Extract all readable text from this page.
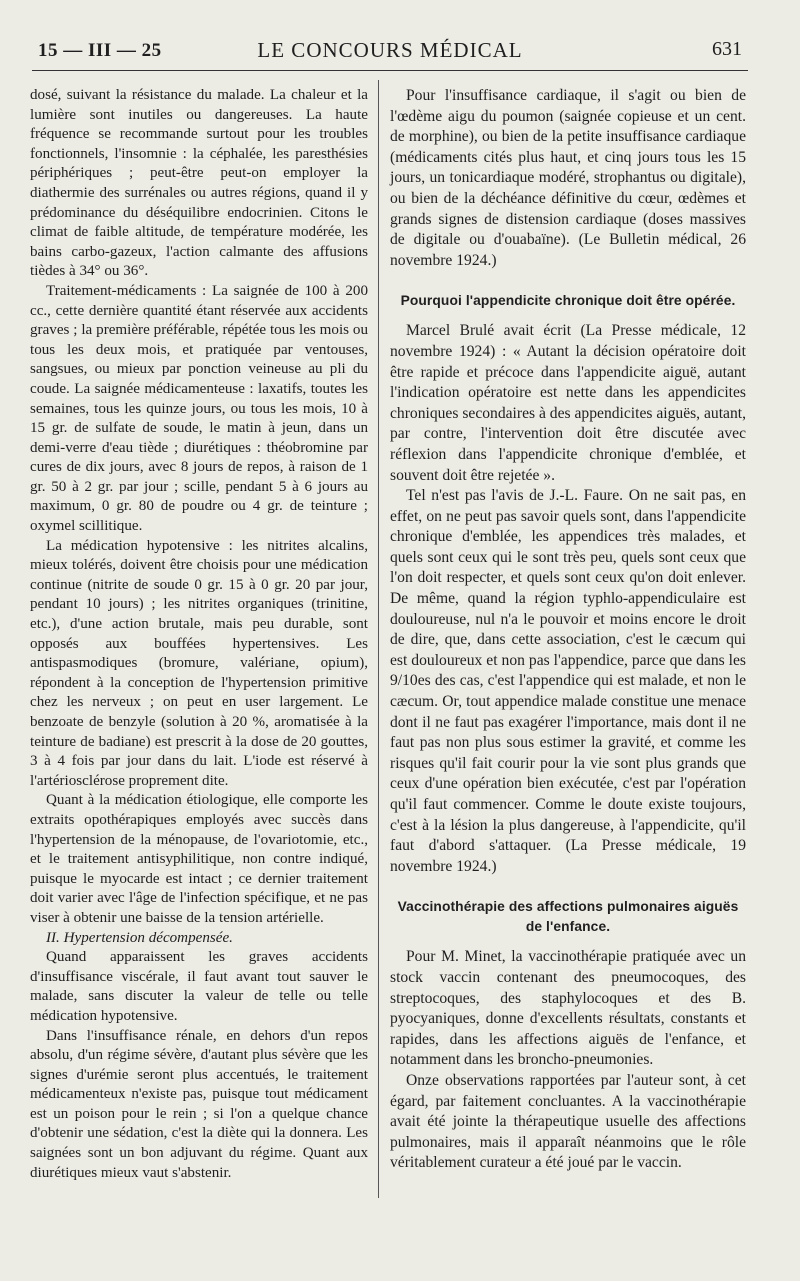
15 — III — 25	LE CONCOURS MÉDICAL	631

dosé, suivant la résistance du malade. La chaleur et la lumière sont inutiles ou dangereuses. La haute fréquence se recommande surtout pour les troubles fonctionnels, l'insomnie : la céphalée, les paresthésies périphériques ; peut-être peut-on employer la diathermie des surrénales ou autres régions, quand il y prédominance du déséquilibre endocrinien. Citons le climat de faible altitude, de température modérée, les bains carbo-gazeux, l'action calmante des affusions tièdes à 34° ou 36°.

Traitement-médicaments : La saignée de 100 à 200 cc., cette dernière quantité étant réservée aux accidents graves ; la première préférable, répétée tous les mois ou tous les deux mois, et pratiquée par ventouses, sangsues, ou mieux par ponction veineuse au pli du coude. La saignée médicamenteuse : laxatifs, toutes les semaines, tous les quinze jours, ou tous les mois, 10 à 15 gr. de sulfate de soude, le matin à jeun, dans un demi-verre d'eau tiède ; diurétiques : théobromine par cures de dix jours, avec 8 jours de repos, à raison de 1 gr. 50 à 2 gr. par jour ; scille, pendant 5 à 6 jours au maximum, 0 gr. 80 de poudre ou 4 gr. de teinture ; oxymel scillitique.

La médication hypotensive : les nitrites alcalins, mieux tolérés, doivent être choisis pour une médication continue (nitrite de soude 0 gr. 15 à 0 gr. 20 par jour, pendant 10 jours) ; les nitrites organiques (trinitine, etc.), d'une action brutale, mais peu durable, sont opposés aux bouffées hypertensives. Les antispasmodiques (bromure, valériane, opium), répondent à la conception de l'hypertension primitive chez les nerveux ; on peut en user largement. Le benzoate de benzyle (solution à 20 %, aromatisée à la teinture de badiane) est prescrit à la dose de 20 gouttes, 3 à 4 fois par jour dans du lait. L'iode est réservé à l'artériosclérose proprement dite.

Quant à la médication étiologique, elle comporte les extraits opothérapiques employés avec succès dans l'hypertension de la ménopause, de l'ovariotomie, etc., et le traitement antisyphilitique, non contre indiqué, puisque le myocarde est intact ; ce dernier traitement doit varier avec l'âge de l'infection spécifique, et ne pas viser à obtenir une baisse de la tension artérielle.

II. Hypertension décompensée.

Quand apparaissent les graves accidents d'insuffisance viscérale, il faut avant tout sauver le malade, sans discuter la valeur de telle ou telle médication hypotensive.

Dans l'insuffisance rénale, en dehors d'un repos absolu, d'un régime sévère, d'autant plus sévère que les signes d'urémie seront plus accentués, le traitement médicamenteux n'existe pas, puisque tout médicament est un poison pour le rein ; si l'on a quelque chance d'obtenir une sédation, c'est la diète qui la donnera. Les saignées sont un bon adjuvant du régime. Quant aux diurétiques mieux vaut s'abstenir.

Pour l'insuffisance cardiaque, il s'agit ou bien de l'œdème aigu du poumon (saignée copieuse et un cent. de morphine), ou bien de la petite insuffisance cardiaque (médicaments cités plus haut, et cinq jours tous les 15 jours, un tonicardiaque modéré, strophantus ou digitale), ou bien de la déchéance définitive du cœur, œdèmes et grands signes de distension cardiaque (doses massives de digitale ou d'ouabaïne). (Le Bulletin médical, 26 novembre 1924.)

Pourquoi l'appendicite chronique doit être opérée.

Marcel Brulé avait écrit (La Presse médicale, 12 novembre 1924) : « Autant la décision opératoire doit être rapide et précoce dans l'appendicite aiguë, autant l'indication opératoire est nette dans les appendicites chroniques secondaires à des appendicites aiguës, autant, par contre, l'intervention doit être discutée avec réflexion dans l'appendicite chronique d'emblée, et souvent doit être rejetée ».

Tel n'est pas l'avis de J.-L. Faure. On ne sait pas, en effet, on ne peut pas savoir quels sont, dans l'appendicite chronique d'emblée, les appendices très malades, et quels sont ceux qui le sont très peu, quels sont ceux que l'on doit respecter, et quels sont ceux qu'on doit enlever. De même, quand la région typhlo-appendiculaire est douloureuse, nul n'a le pouvoir et moins encore le droit de dire, que, dans cette association, c'est le cæcum qui est douloureux et non pas l'appendice, parce que dans les 9/10es des cas, c'est l'appendice qui est malade, et non le cæcum. Or, tout appendice malade constitue une menace dont il ne faut pas exagérer l'importance, mais dont il ne faut pas non plus sous estimer la gravité, et comme les risques qu'il fait courir pour la vie sont plus grands que ceux d'une opération bien exécutée, c'est par l'opération qu'il faut commencer. Comme le doute existe toujours, c'est à la lésion la plus dangereuse, à l'appendicite, qu'il faut d'abord s'attaquer. (La Presse médicale, 19 novembre 1924.)

Vaccinothérapie des affections pulmonaires aiguës de l'enfance.

Pour M. Minet, la vaccinothérapie pratiquée avec un stock vaccin contenant des pneumocoques, des streptocoques, des staphylocoques et des B. pyocyaniques, donne d'excellents résultats, constants et rapides, dans les affections aiguës de l'enfance, et notamment dans les broncho-pneumonies.

Onze observations rapportées par l'auteur sont, à cet égard, par faitement concluantes. A la vaccinothérapie avait été jointe la thérapeutique usuelle des affections pulmonaires, mais il apparaît néanmoins que le rôle véritablement curateur a été joué par le vaccin.
